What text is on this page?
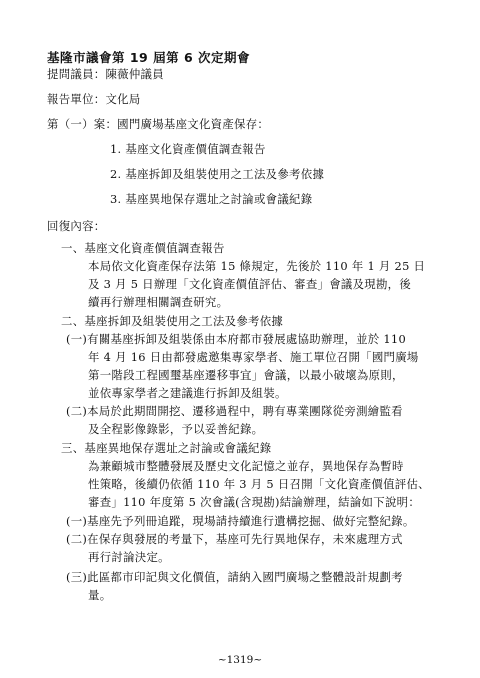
基隆市議會第 19 屆第 6 次定期會
提問議員：陳薇仲議員
報告單位：文化局
第（一）案：國門廣場基座文化資產保存：
1. 基座文化資產價值調查報告
2. 基座拆卸及組裝使用之工法及參考依據
3. 基座異地保存選址之討論或會議紀錄
回復內容：
一、基座文化資產價值調查報告
本局依文化資產保存法第 15 條規定，先後於 110 年 1 月 25 日
及 3 月 5 日辦理「文化資產價值評估、審查」會議及現勘，後
續再行辦理相關調查研究。
二、基座拆卸及組裝使用之工法及參考依據
(一)有關基座拆卸及組裝係由本府都市發展處協助辦理，並於 110
年 4 月 16 日由都發處邀集專家學者、施工單位召開「國門廣場
第一階段工程國璽基座遷移事宜」會議，以最小破壞為原則，
並依專家學者之建議進行拆卸及組裝。
(二)本局於此期間開挖、遷移過程中，聘有專業團隊從旁測繪監看
及全程影像錄影，予以妥善紀錄。
三、基座異地保存選址之討論或會議紀錄
為兼顧城市整體發展及歷史文化記憶之並存，異地保存為暫時
性策略，後續仍依循 110 年 3 月 5 日召開「文化資產價值評估、
審查」110 年度第 5 次會議(含現勘)結論辦理，結論如下說明：
(一)基座先予列冊追蹤，現場請持續進行遺構挖掘、做好完整紀錄。
(二)在保存與發展的考量下，基座可先行異地保存，未來處理方式
再行討論決定。
(三)此區都市印記與文化價值，請納入國門廣場之整體設計規劃考
量。
~1319~
